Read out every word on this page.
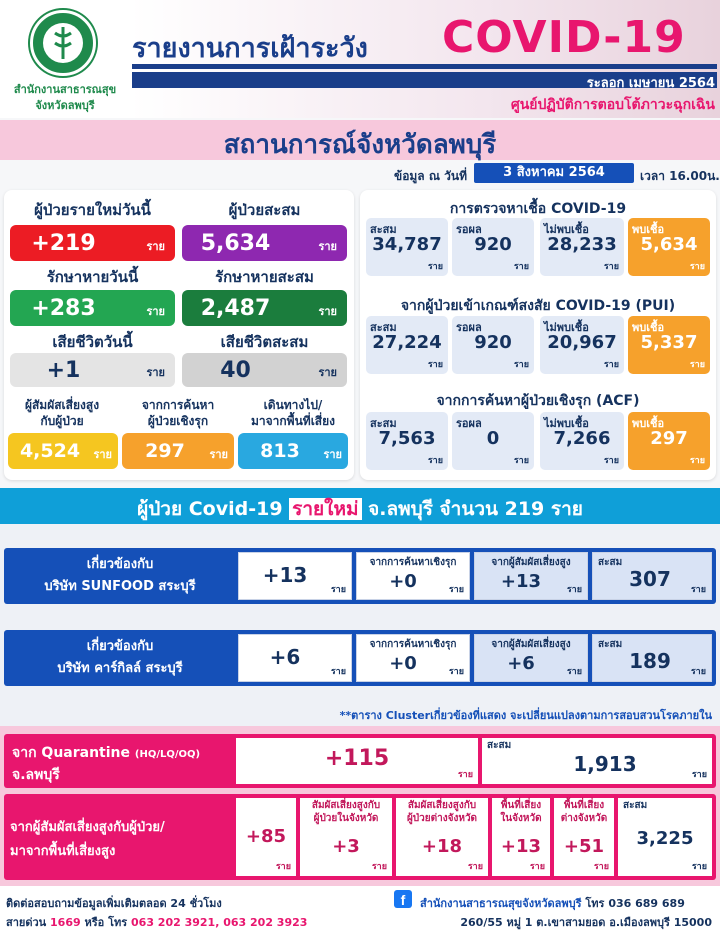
สำนักงานสาธารณสุข
จังหวัดลพบุรี
รายงานการเฝ้าระวัง COVID-19
ระลอก เมษายน 2564
ศูนย์ปฏิบัติการตอบโต้ภาวะฉุกเฉิน
สถานการณ์จังหวัดลพบุรี
ข้อมูล ณ วันที่	3 สิงหาคม 2564	เวลา 16.00น.
ผู้ป่วยรายใหม่วันนี้	ผู้ป่วยสะสม
+219	ราย	5,634	ราย
รักษาหายวันนี้	รักษาหายสะสม
+283	ราย	2,487	ราย
เสียชีวิตวันนี้	เสียชีวิตสะสม
+1	ราย	40	ราย
ผู้สัมผัสเสี่ยงสูง
กับผู้ป่วย
จากการค้นหา
ผู้ป่วยเชิงรุก
เดินทางไป/
มาจากพื้นที่เสี่ยง
4,524	ราย	297	ราย	813	ราย
การตรวจหาเชื้อ COVID-19
สะสม
34,787
ราย
รอผล
920
ราย
ไม่พบเชื้อ
28,233
ราย
พบเชื้อ
5,634
ราย
จากผู้ป่วยเข้าเกณฑ์สงสัย COVID-19 (PUI)
สะสม
27,224
ราย
รอผล
920
ราย
ไม่พบเชื้อ
20,967
ราย
พบเชื้อ
5,337
ราย
จากการค้นหาผู้ป่วยเชิงรุก (ACF)
สะสม
7,563
ราย
รอผล
0
ราย
ไม่พบเชื้อ
7,266
ราย
พบเชื้อ
297
ราย
ผู้ป่วย Covid-19 รายใหม่ จ.ลพบุรี จำนวน 219 ราย
เกี่ยวข้องกับ
บริษัท SUNFOOD สระบุรี	+13
ราย
จากการค้นหาเชิงรุก
+0	ราย
จากผู้สัมผัสเสี่ยงสูง
+13	ราย
สะสม
307	ราย
เกี่ยวข้องกับ
บริษัท คาร์กิลล์ สระบุรี	+6
ราย
จากการค้นหาเชิงรุก
+0	ราย
จากผู้สัมผัสเสี่ยงสูง
+6	ราย
สะสม
189	ราย
**ตาราง Clusterเกี่ยวข้องที่แสดง จะเปลี่ยนแปลงตามการสอบสวนโรคภายใน
จาก Quarantine (HQ/LQ/OQ)
จ.ลพบุรี
+115
ราย
สะสม
1,913	ราย
จากผู้สัมผัสเสี่ยงสูงกับผู้ป่วย/
มาจากพื้นที่เสี่ยงสูง
+85
ราย
สัมผัสเสี่ยงสูงกับ
ผู้ป่วยในจังหวัด
+3
ราย
สัมผัสเสี่ยงสูงกับ
ผู้ป่วยต่างจังหวัด
+18
ราย
พื้นที่เสี่ยง
ในจังหวัด
+13
ราย
พื้นที่เสี่ยง
ต่างจังหวัด
+51
ราย
สะสม
3,225
ราย
ติดต่อสอบถามข้อมูลเพิ่มเติมตลอด 24 ชั่วโมง
สายด่วน 1669 หรือ โทร 063 202 3921, 063 202 3923
f	สำนักงานสาธารณสุขจังหวัดลพบุรี โทร 036 689 689
260/55 หมู่ 1 ต.เขาสามยอด อ.เมืองลพบุรี 15000
